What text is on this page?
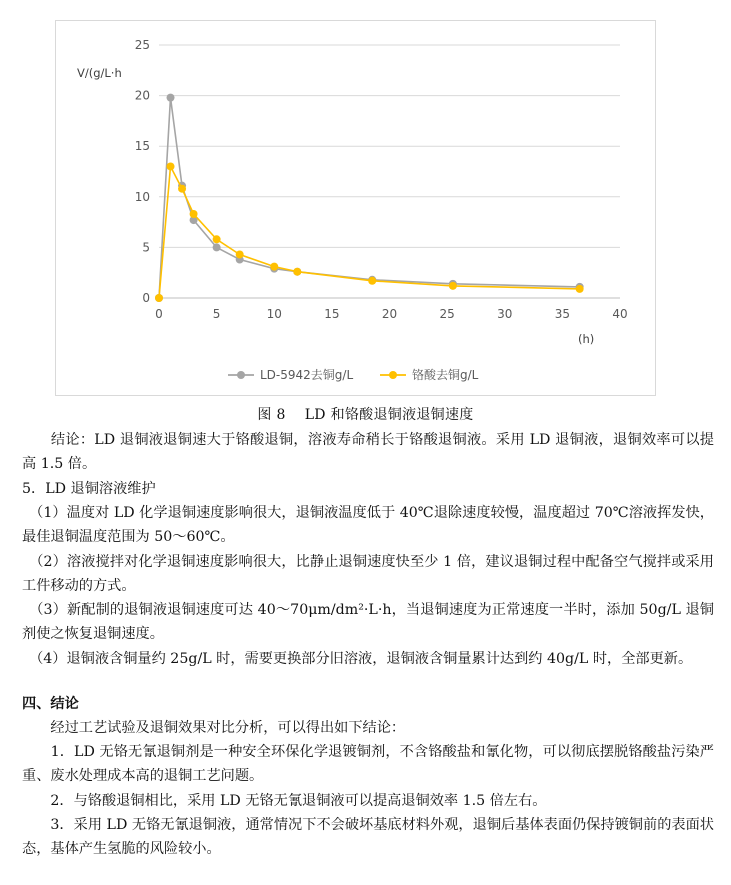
0
5
10
15
20
25
0	5	10	15	20	25	30	35	40
V/(g/L·h
(h)
LD-5942去铜g/L	铬酸去铜g/L
图 8　 LD 和铬酸退铜液退铜速度
　　结论：LD 退铜液退铜速大于铬酸退铜，溶液寿命稍长于铬酸退铜液。采用 LD 退铜液，退铜效率可以提高 1.5 倍。
5．LD 退铜溶液维护
　（1）温度对 LD 化学退铜速度影响很大，退铜液温度低于 40℃退除速度较慢，温度超过 70℃溶液挥发快，最佳退铜温度范围为 50～60℃。
　（2）溶液搅拌对化学退铜速度影响很大，比静止退铜速度快至少 1 倍，建议退铜过程中配备空气搅拌或采用工件移动的方式。
　（3）新配制的退铜液退铜速度可达 40～70μm/dm²·L·h，当退铜速度为正常速度一半时，添加 50g/L 退铜剂使之恢复退铜速度。
　（4）退铜液含铜量约 25g/L 时，需要更换部分旧溶液，退铜液含铜量累计达到约 40g/L 时，全部更新。
四、结论
　　经过工艺试验及退铜效果对比分析，可以得出如下结论：
　　1．LD 无铬无氰退铜剂是一种安全环保化学退镀铜剂，不含铬酸盐和氰化物，可以彻底摆脱铬酸盐污染严重、废水处理成本高的退铜工艺问题。
　　2．与铬酸退铜相比，采用 LD 无铬无氰退铜液可以提高退铜效率 1.5 倍左右。
　　3．采用 LD 无铬无氰退铜液，通常情况下不会破坏基底材料外观，退铜后基体表面仍保持镀铜前的表面状态，基体产生氢脆的风险较小。
